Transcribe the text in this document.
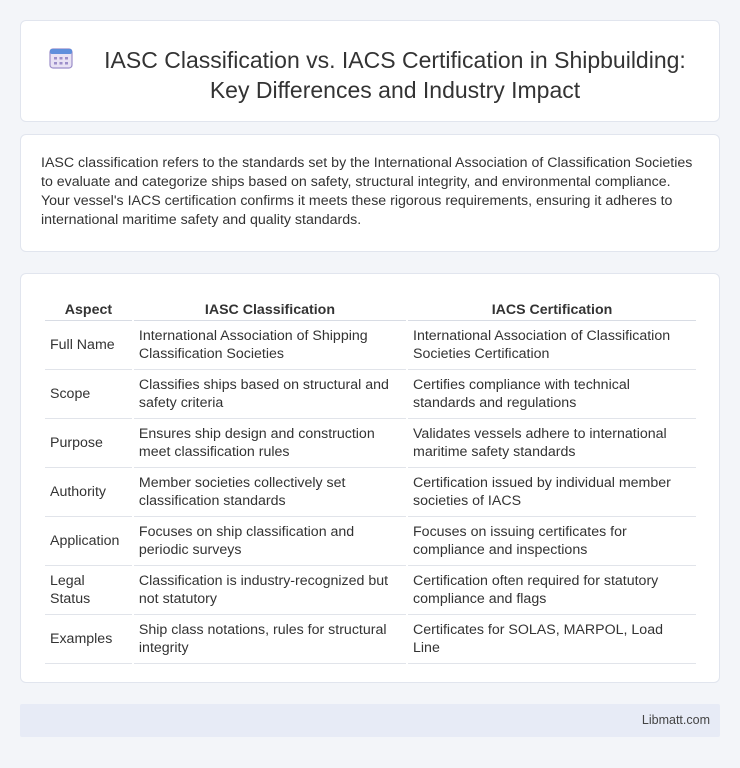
IASC Classification vs. IACS Certification in Shipbuilding: Key Differences and Industry Impact

IASC classification refers to the standards set by the International Association of Classification Societies to evaluate and categorize ships based on safety, structural integrity, and environmental compliance. Your vessel's IACS certification confirms it meets these rigorous requirements, ensuring it adheres to international maritime safety and quality standards.

Aspect	IASC Classification	IACS Certification
Full Name	International Association of Shipping Classification Societies	International Association of Classification Societies Certification
Scope	Classifies ships based on structural and safety criteria	Certifies compliance with technical standards and regulations
Purpose	Ensures ship design and construction meet classification rules	Validates vessels adhere to international maritime safety standards
Authority	Member societies collectively set classification standards	Certification issued by individual member societies of IACS
Application	Focuses on ship classification and periodic surveys	Focuses on issuing certificates for compliance and inspections
Legal Status	Classification is industry-recognized but not statutory	Certification often required for statutory compliance and flags
Examples	Ship class notations, rules for structural integrity	Certificates for SOLAS, MARPOL, Load Line
Libmatt.com
